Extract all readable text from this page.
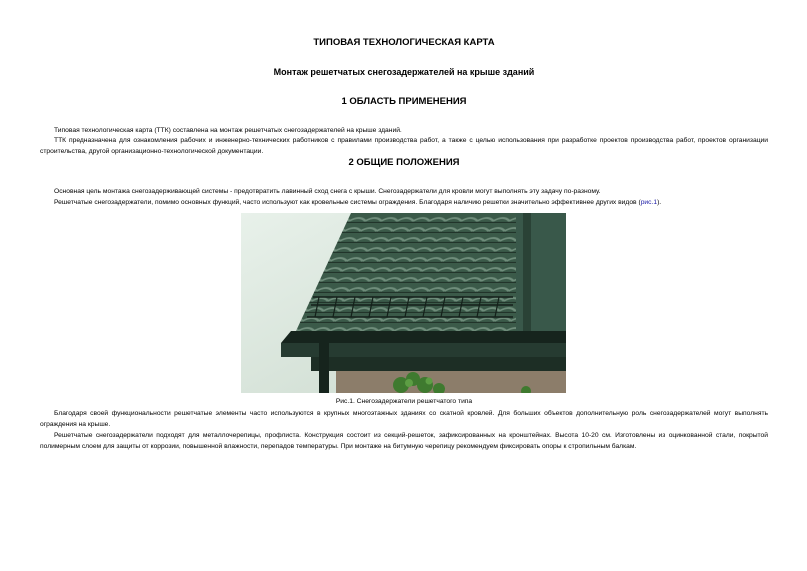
ТИПОВАЯ ТЕХНОЛОГИЧЕСКАЯ КАРТА
Монтаж решетчатых снегозадержателей на крыше зданий
1 ОБЛАСТЬ ПРИМЕНЕНИЯ

Типовая технологическая карта (ТТК) составлена на монтаж решетчатых снегозадержателей на крыше зданий.

ТТК предназначена для ознакомления рабочих и инженерно-технических работников с правилами производства работ, а также с целью использования при разработке проектов производства работ, проектов организации строительства, другой организационно-технологической документации.

2 ОБЩИЕ ПОЛОЖЕНИЯ

Основная цель монтажа снегозадерживающей системы - предотвратить лавинный сход снега с крыши. Снегозадержатели для кровли могут выполнять эту задачу по-разному.

Решетчатые снегозадержатели, помимо основных функций, часто используют как кровельные системы ограждения. Благодаря наличию решетки значительно эффективнее других видов (рис.1).

Рис.1. Снегозадержатели решетчатого типа

Благодаря своей функциональности решетчатые элементы часто используются в крупных многоэтажных зданиях со скатной кровлей. Для больших объектов дополнительную роль снегозадержателей могут выполнять ограждения на крыше.

Решетчатые снегозадержатели подходят для металлочерепицы, профлиста. Конструкция состоит из секций-решеток, зафиксированных на кронштейнах. Высота 10-20 см. Изготовлены из оцинкованной стали, покрытой полимерным слоем для защиты от коррозии, повышенной влажности, перепадов температуры. При монтаже на битумную черепицу рекомендуем фиксировать опоры к стропильным балкам.
